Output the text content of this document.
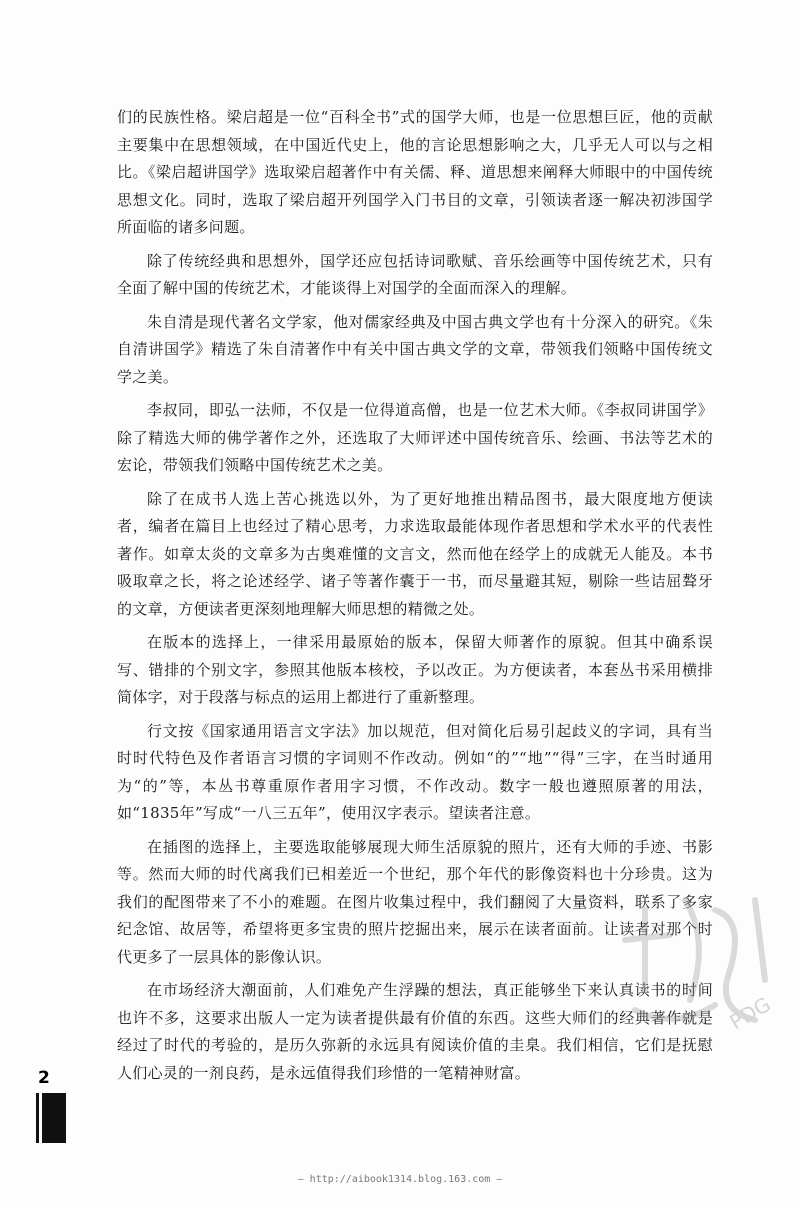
们的民族性格。梁启超是一位“百科全书”式的国学大师，也是一位思想巨匠，他的贡献主要集中在思想领域，在中国近代史上，他的言论思想影响之大，几乎无人可以与之相比。《梁启超讲国学》选取梁启超著作中有关儒、释、道思想来阐释大师眼中的中国传统思想文化。同时，选取了梁启超开列国学入门书目的文章，引领读者逐一解决初涉国学所面临的诸多问题。

除了传统经典和思想外，国学还应包括诗词歌赋、音乐绘画等中国传统艺术，只有全面了解中国的传统艺术，才能谈得上对国学的全面而深入的理解。

朱自清是现代著名文学家，他对儒家经典及中国古典文学也有十分深入的研究。《朱自清讲国学》精选了朱自清著作中有关中国古典文学的文章，带领我们领略中国传统文学之美。

李叔同，即弘一法师，不仅是一位得道高僧，也是一位艺术大师。《李叔同讲国学》除了精选大师的佛学著作之外，还选取了大师评述中国传统音乐、绘画、书法等艺术的宏论，带领我们领略中国传统艺术之美。

除了在成书人选上苦心挑选以外，为了更好地推出精品图书，最大限度地方便读者，编者在篇目上也经过了精心思考，力求选取最能体现作者思想和学术水平的代表性著作。如章太炎的文章多为古奥难懂的文言文，然而他在经学上的成就无人能及。本书吸取章之长，将之论述经学、诸子等著作囊于一书，而尽量避其短，剔除一些诘屈聱牙的文章，方便读者更深刻地理解大师思想的精微之处。

在版本的选择上，一律采用最原始的版本，保留大师著作的原貌。但其中确系误写、错排的个别文字，参照其他版本核校，予以改正。为方便读者，本套丛书采用横排简体字，对于段落与标点的运用上都进行了重新整理。

行文按《国家通用语言文字法》加以规范，但对简化后易引起歧义的字词，具有当时时代特色及作者语言习惯的字词则不作改动。例如“的”“地”“得”三字，在当时通用为“的”等，本丛书尊重原作者用字习惯，不作改动。数字一般也遵照原著的用法，如“1835年”写成“一八三五年”，使用汉字表示。望读者注意。

在插图的选择上，主要选取能够展现大师生活原貌的照片，还有大师的手迹、书影等。然而大师的时代离我们已相差近一个世纪，那个年代的影像资料也十分珍贵。这为我们的配图带来了不小的难题。在图片收集过程中，我们翻阅了大量资料，联系了多家纪念馆、故居等，希望将更多宝贵的照片挖掘出来，展示在读者面前。让读者对那个时代更多了一层具体的影像认识。

在市场经济大潮面前，人们难免产生浮躁的想法，真正能够坐下来认真读书的时间也许不多，这要求出版人一定为读者提供最有价值的东西。这些大师们的经典著作就是经过了时代的考验的，是历久弥新的永远具有阅读价值的圭臬。我们相信，它们是抚慰人们心灵的一剂良药，是永远值得我们珍惜的一笔精神财富。

PDG
2
— http://aibook1314.blog.163.com —
